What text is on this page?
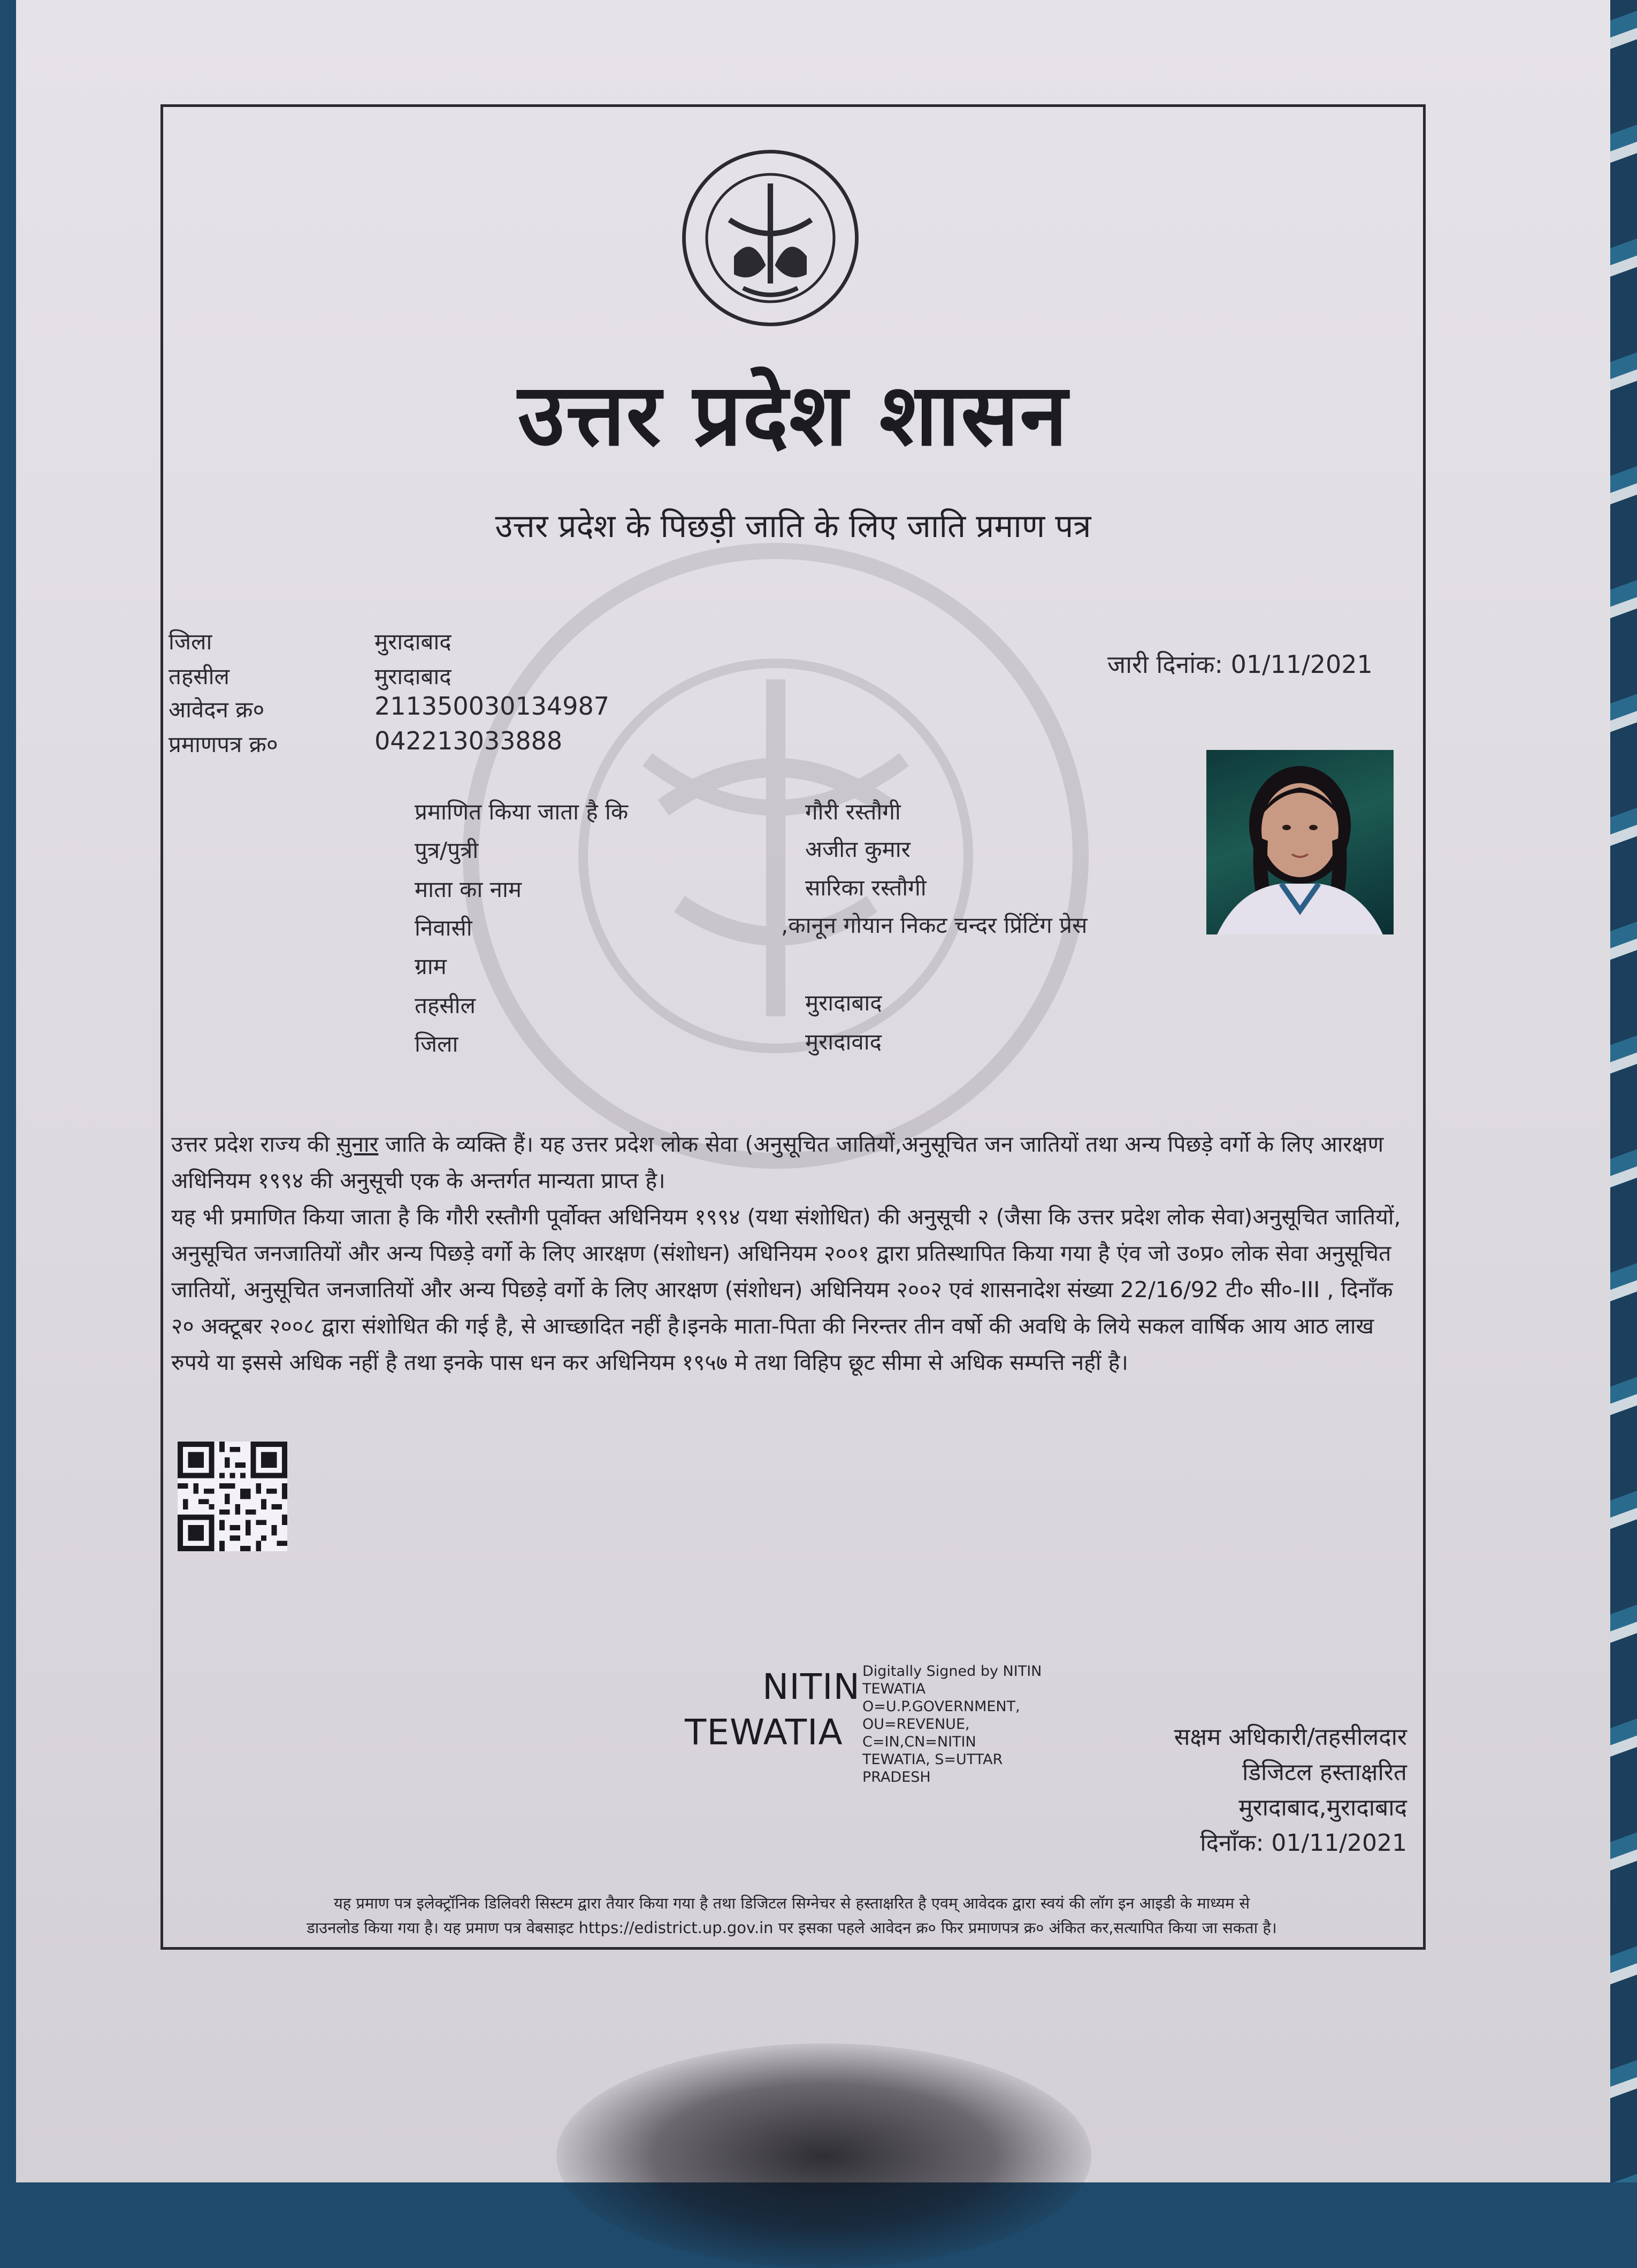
उत्तर प्रदेश शासन
उत्तर प्रदेश के पिछड़ी जाति के लिए जाति प्रमाण पत्र
जिला	मुरादाबाद
तहसील	मुरादाबाद
आवेदन क्र०	211350030134987
प्रमाणपत्र क्र०	042213033888
जारी दिनांक: 01/11/2021
प्रमाणित किया जाता है कि	गौरी रस्तौगी
पुत्र/पुत्री	अजीत कुमार
माता का नाम	सारिका रस्तौगी
निवासी	,कानून गोयान निकट चन्दर प्रिंटिंग प्रेस
ग्राम
तहसील	मुरादाबाद
जिला	मुरादावाद

उत्तर प्रदेश राज्य की सुनार जाति के व्यक्ति हैं। यह उत्तर प्रदेश लोक सेवा (अनुसूचित जातियों,अनुसूचित जन जातियों तथा अन्य पिछड़े वर्गो के लिए आरक्षण अधिनियम १९९४ की अनुसूची एक के अन्तर्गत मान्यता प्राप्त है।

यह भी प्रमाणित किया जाता है कि गौरी रस्तौगी पूर्वोक्त अधिनियम १९९४ (यथा संशोधित) की अनुसूची २ (जैसा कि उत्तर प्रदेश लोक सेवा)अनुसूचित जातियों, अनुसूचित जनजातियों और अन्य पिछड़े वर्गो के लिए आरक्षण (संशोधन) अधिनियम २००१ द्वारा प्रतिस्थापित किया गया है एंव जो उ०प्र० लोक सेवा अनुसूचित जातियों, अनुसूचित जनजातियों और अन्य पिछड़े वर्गो के लिए आरक्षण (संशोधन) अधिनियम २००२ एवं शासनादेश संख्या 22/16/92 टी० सी०-III , दिनाँक २० अक्टूबर २००८ द्वारा संशोधित की गई है, से आच्छादित नहीं है।इनके माता-पिता की निरन्तर तीन वर्षो की अवधि के लिये सकल वार्षिक आय आठ लाख रुपये या इससे अधिक नहीं है तथा इनके पास धन कर अधिनियम १९५७ मे तथा विहिप छूट सीमा से अधिक सम्पत्ति नहीं है।

NITIN
TEWATIA
Digitally Signed by NITIN
TEWATIA
O=U.P.GOVERNMENT,
OU=REVENUE,
C=IN,CN=NITIN
TEWATIA, S=UTTAR
PRADESH
सक्षम अधिकारी/तहसीलदार
डिजिटल हस्ताक्षरित
मुरादाबाद,मुरादाबाद
दिनाँक: 01/11/2021
यह प्रमाण पत्र इलेक्ट्रॉनिक डिलिवरी सिस्टम द्वारा तैयार किया गया है तथा डिजिटल सिग्नेचर से हस्ताक्षरित है एवम् आवेदक द्वारा स्वयं की लॉग इन आइडी के माध्यम से
डाउनलोड किया गया है। यह प्रमाण पत्र वेबसाइट https://edistrict.up.gov.in पर इसका पहले आवेदन क्र० फिर प्रमाणपत्र क्र० अंकित कर,सत्यापित किया जा सकता है।
